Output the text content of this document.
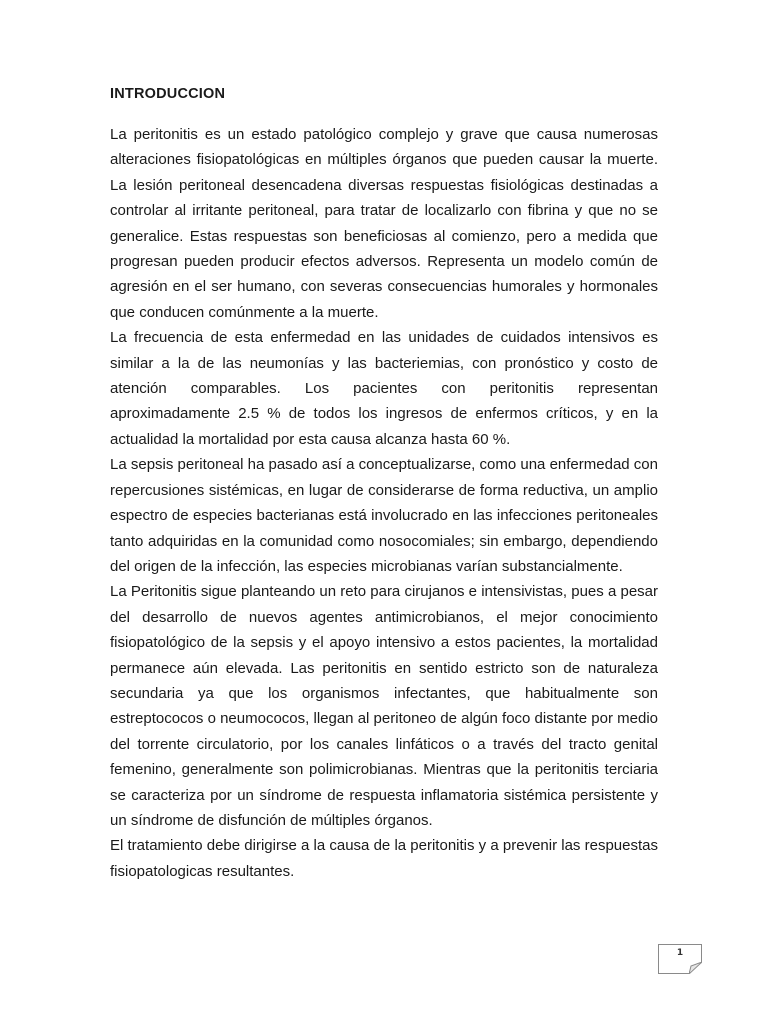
INTRODUCCION

La peritonitis es un estado patológico complejo y grave que causa numerosas alteraciones fisiopatológicas en múltiples órganos que pueden causar la muerte. La lesión peritoneal desencadena diversas respuestas fisiológicas destinadas a controlar al irritante peritoneal, para tratar de localizarlo con fibrina y que no se generalice. Estas respuestas son beneficiosas al comienzo, pero a medida que progresan pueden producir efectos adversos. Representa un modelo común de agresión en el ser humano, con severas consecuencias humorales y hormonales que conducen comúnmente a la muerte.

La frecuencia de esta enfermedad en las unidades de cuidados intensivos es similar a la de las neumonías y las bacteriemias, con pronóstico y costo de atención comparables. Los pacientes con peritonitis representan aproximadamente 2.5 % de todos los ingresos de enfermos críticos, y en la actualidad la mortalidad por esta causa alcanza hasta 60 %.

La sepsis peritoneal ha pasado así a conceptualizarse, como una enfermedad con repercusiones sistémicas, en lugar de considerarse de forma reductiva, un amplio espectro de especies bacterianas está involucrado en las infecciones peritoneales tanto adquiridas en la comunidad como nosocomiales; sin embargo, dependiendo del origen de la infección, las especies microbianas varían substancialmente.

La Peritonitis sigue planteando un reto para cirujanos e intensivistas, pues a pesar del desarrollo de nuevos agentes antimicrobianos, el mejor conocimiento fisiopatológico de la sepsis y el apoyo intensivo a estos pacientes, la mortalidad permanece aún elevada. Las peritonitis en sentido estricto son de naturaleza secundaria ya que los organismos infectantes, que habitualmente son estreptococos o neumococos, llegan al peritoneo de algún foco distante por medio del torrente circulatorio, por los canales linfáticos o a través del tracto genital femenino, generalmente son polimicrobianas. Mientras que la peritonitis terciaria se caracteriza por un síndrome de respuesta inflamatoria sistémica persistente y un síndrome de disfunción de múltiples órganos.

El tratamiento debe dirigirse a la causa de la peritonitis y a prevenir las respuestas fisiopatologicas resultantes.

1
